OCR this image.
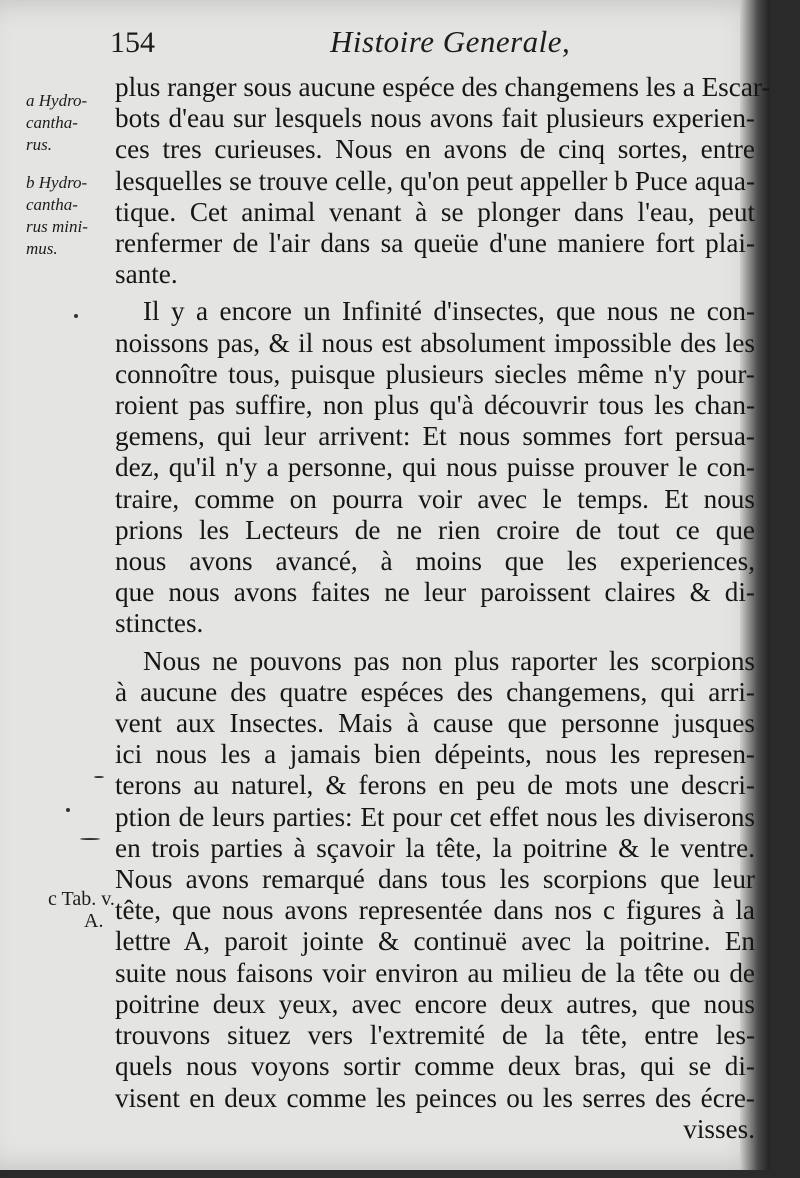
154	Histoire Generale,
a Hydro-
cantha-
rus.
b Hydro-
cantha-
rus mini-
mus.
c Tab. v.
A.
plus ranger sous aucune espéce des changemens les a Escar-
bots d'eau sur lesquels nous avons fait plusieurs experien-
ces tres curieuses. Nous en avons de cinq sortes, entre
lesquelles se trouve celle, qu'on peut appeller b Puce aqua-
tique. Cet animal venant à se plonger dans l'eau, peut
renfermer de l'air dans sa queüe d'une maniere fort plai-
sante.
Il y a encore un Infinité d'insectes, que nous ne con-
noissons pas, & il nous est absolument impossible des les
connoître tous, puisque plusieurs siecles même n'y pour-
roient pas suffire, non plus qu'à découvrir tous les chan-
gemens, qui leur arrivent: Et nous sommes fort persua-
dez, qu'il n'y a personne, qui nous puisse prouver le con-
traire, comme on pourra voir avec le temps. Et nous
prions les Lecteurs de ne rien croire de tout ce que
nous avons avancé, à moins que les experiences,
que nous avons faites ne leur paroissent claires & di-
stinctes.
Nous ne pouvons pas non plus raporter les scorpions
à aucune des quatre espéces des changemens, qui arri-
vent aux Insectes. Mais à cause que personne jusques
ici nous les a jamais bien dépeints, nous les represen-
terons au naturel, & ferons en peu de mots une descri-
ption de leurs parties: Et pour cet effet nous les diviserons
en trois parties à sçavoir la tête, la poitrine & le ventre.
Nous avons remarqué dans tous les scorpions que leur
tête, que nous avons representée dans nos c figures à la
lettre A, paroit jointe & continuë avec la poitrine. En
suite nous faisons voir environ au milieu de la tête ou de
poitrine deux yeux, avec encore deux autres, que nous
trouvons situez vers l'extremité de la tête, entre les-
quels nous voyons sortir comme deux bras, qui se di-
visent en deux comme les peinces ou les serres des écre-
visses.
